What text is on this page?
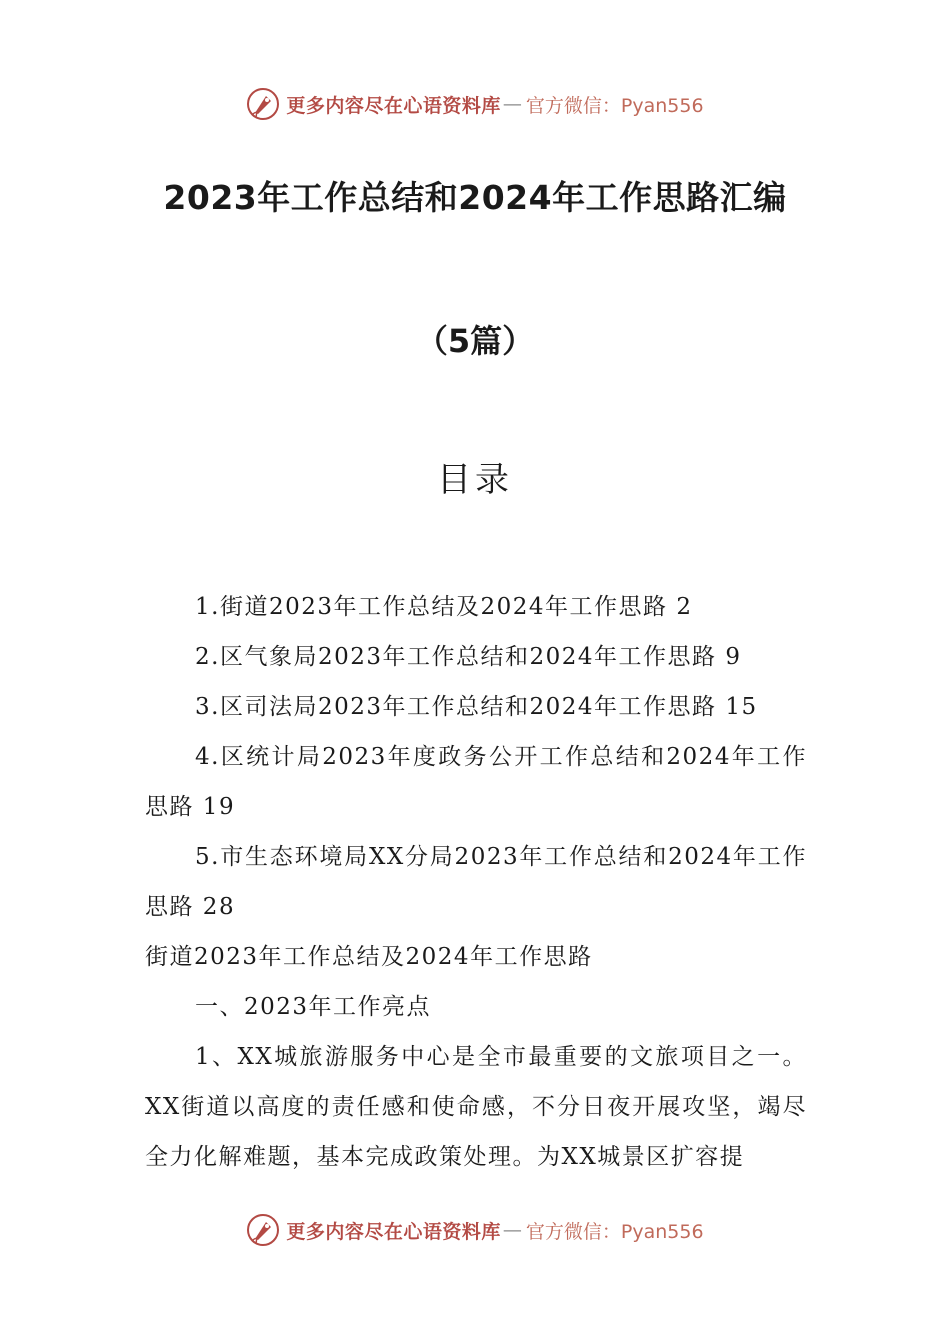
更多内容尽在心语资料库 — 官方微信：Pyan556
2023年工作总结和2024年工作思路汇编
（5篇）
目录

1.街道2023年工作总结及2024年工作思路 2

2.区气象局2023年工作总结和2024年工作思路 9

3.区司法局2023年工作总结和2024年工作思路 15

4.区统计局2023年度政务公开工作总结和2024年工作思路 19

5.市生态环境局XX分局2023年工作总结和2024年工作思路 28

街道2023年工作总结及2024年工作思路

一、2023年工作亮点

1、XX城旅游服务中心是全市最重要的文旅项目之一。XX街道以高度的责任感和使命感，不分日夜开展攻坚，竭尽全力化解难题，基本完成政策处理。为XX城景区扩容提

更多内容尽在心语资料库 — 官方微信：Pyan556
